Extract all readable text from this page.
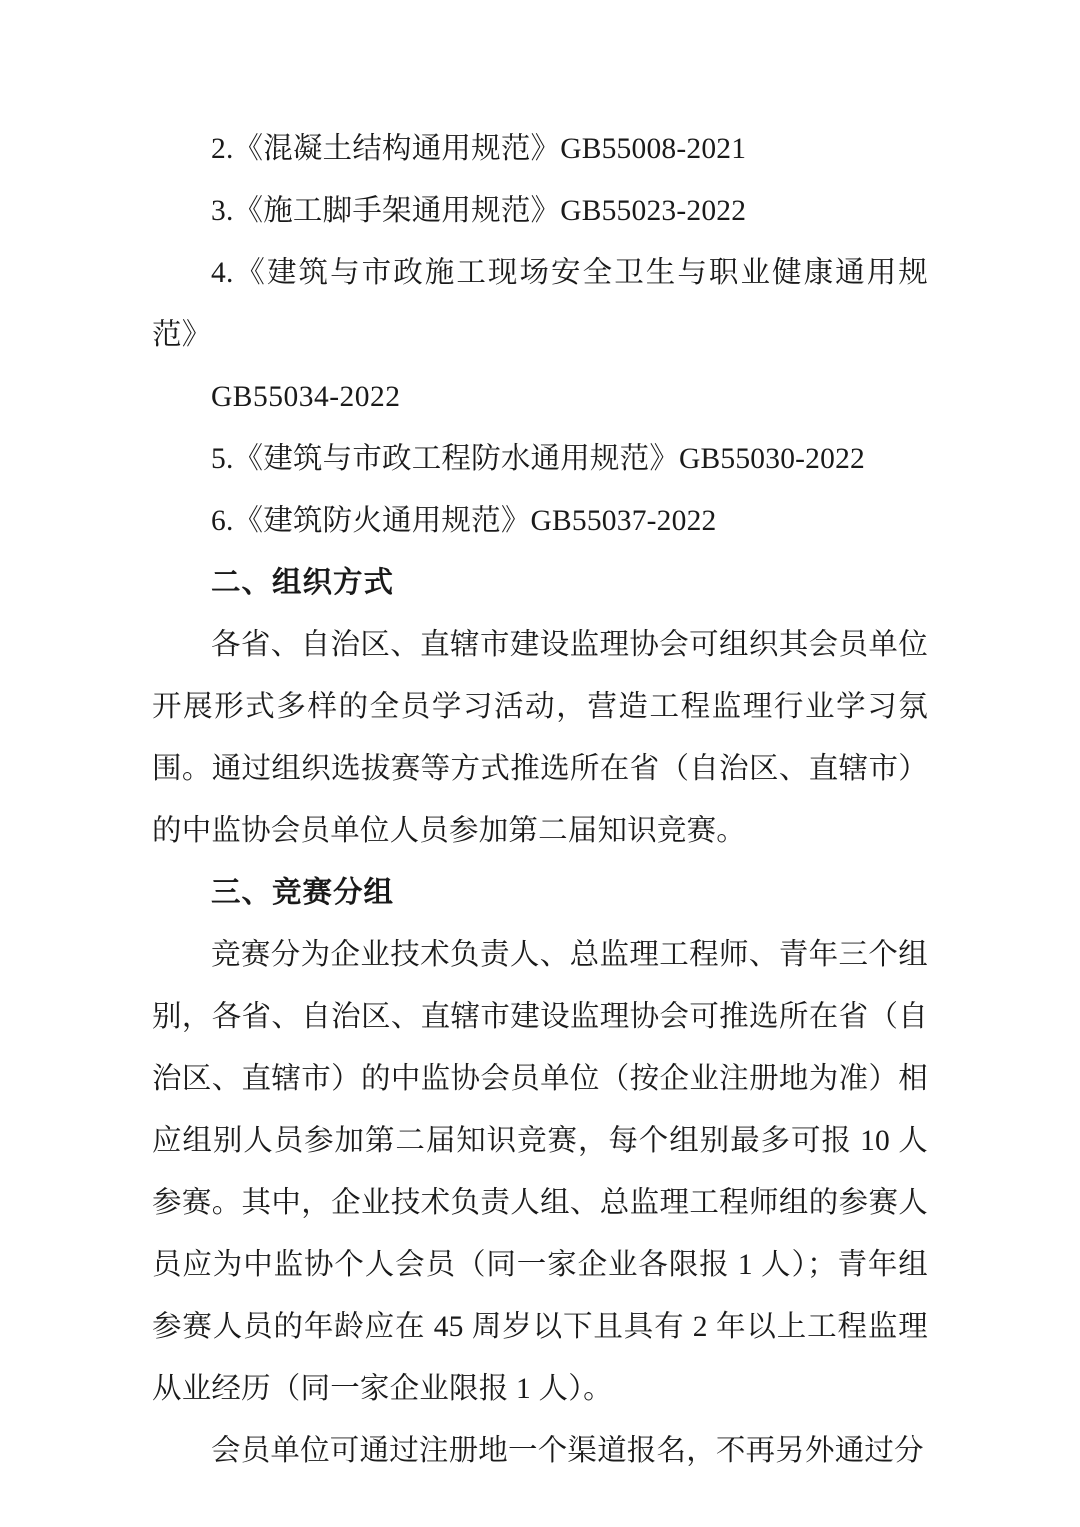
2.《混凝土结构通用规范》GB55008-2021

3.《施工脚手架通用规范》GB55023-2022

4.《建筑与市政施工现场安全卫生与职业健康通用规范》

GB55034-2022

5.《建筑与市政工程防水通用规范》GB55030-2022

6.《建筑防火通用规范》GB55037-2022

二、组织方式

各省、自治区、直辖市建设监理协会可组织其会员单位开展形式多样的全员学习活动，营造工程监理行业学习氛围。通过组织选拔赛等方式推选所在省（自治区、直辖市）的中监协会员单位人员参加第二届知识竞赛。

三、竞赛分组

竞赛分为企业技术负责人、总监理工程师、青年三个组别，各省、自治区、直辖市建设监理协会可推选所在省（自治区、直辖市）的中监协会员单位（按企业注册地为准）相应组别人员参加第二届知识竞赛，每个组别最多可报 10 人参赛。其中，企业技术负责人组、总监理工程师组的参赛人员应为中监协个人会员（同一家企业各限报 1 人）；青年组参赛人员的年龄应在 45 周岁以下且具有 2 年以上工程监理从业经历（同一家企业限报 1 人）。

会员单位可通过注册地一个渠道报名，不再另外通过分
